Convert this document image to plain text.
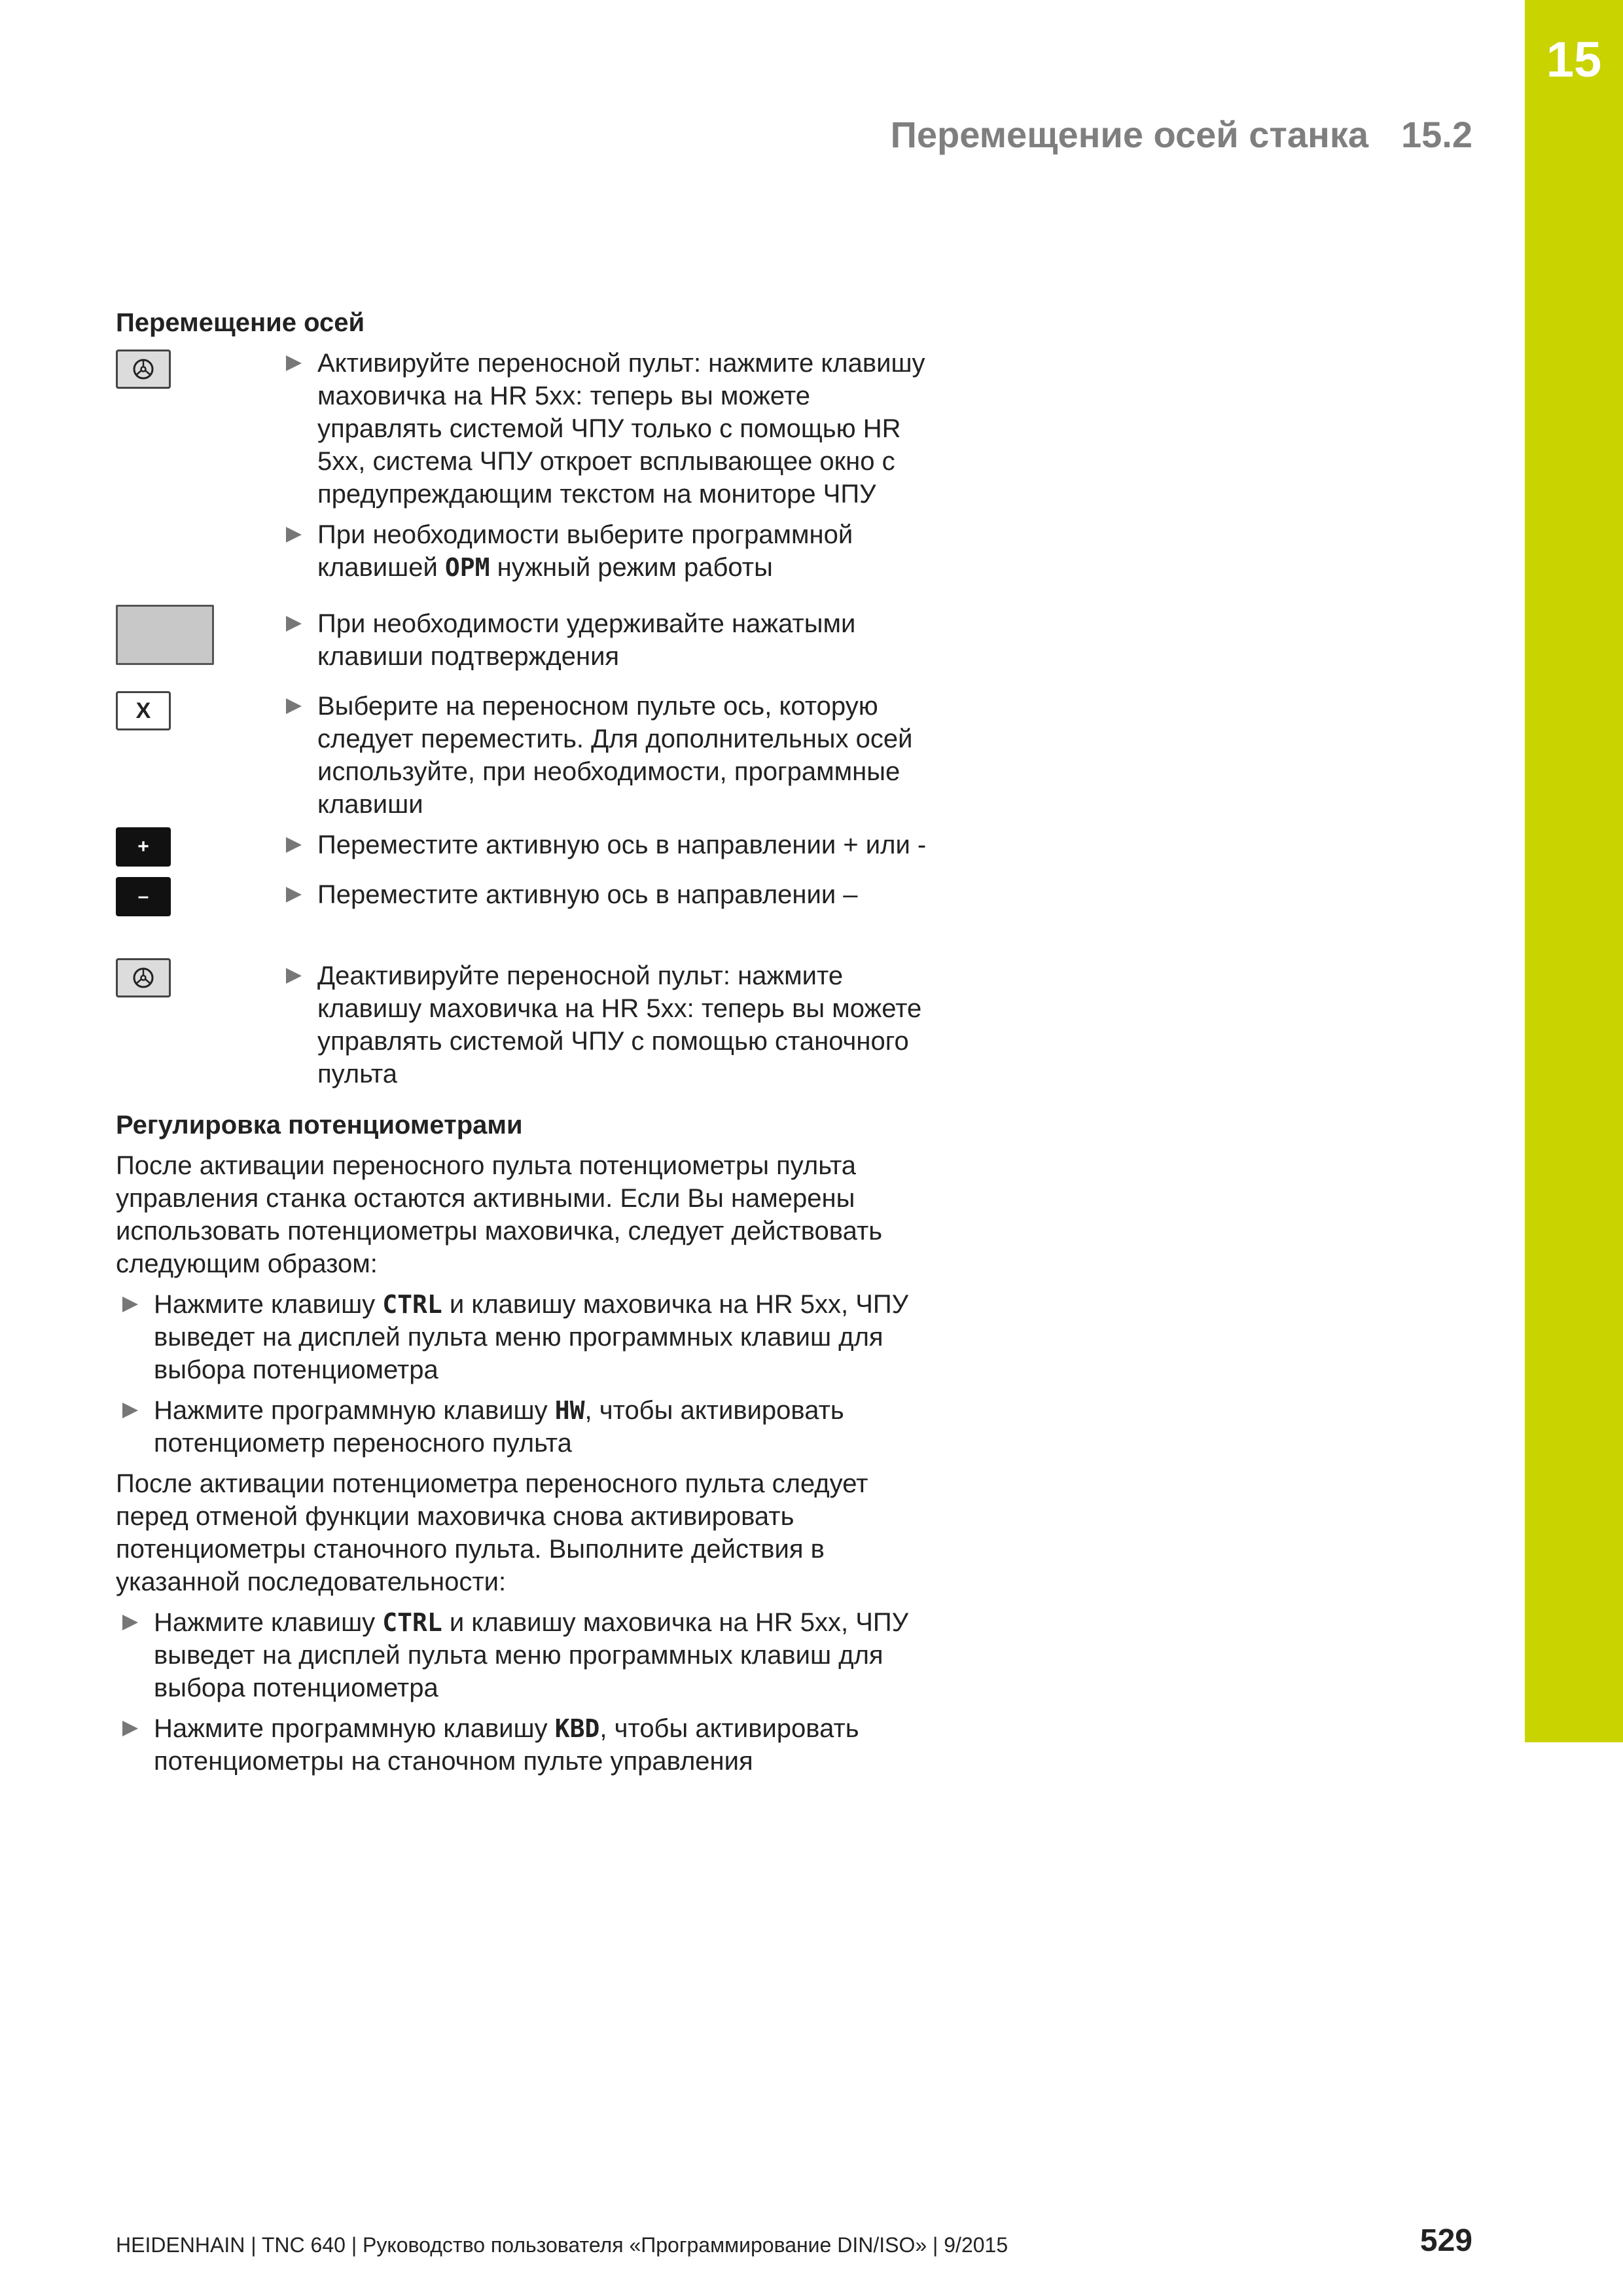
15
Перемещение осей станка 15.2
Перемещение осей
Активируйте переносной пульт: нажмите клавишу маховичка на HR 5xx: теперь вы можете управлять системой ЧПУ только с помощью HR 5xx, система ЧПУ откроет всплывающее окно с предупреждающим текстом на мониторе ЧПУ
При необходимости выберите программной клавишей OPM нужный режим работы
При необходимости удерживайте нажатыми клавиши подтверждения
X	Выберите на переносном пульте ось, которую следует переместить. Для дополнительных осей используйте, при необходимости, программные клавиши
+	Переместите активную ось в направлении + или -
–	Переместите активную ось в направлении –
Деактивируйте переносной пульт: нажмите клавишу маховичка на HR 5xx: теперь вы можете управлять системой ЧПУ с помощью станочного пульта
Регулировка потенциометрами

После активации переносного пульта потенциометры пульта управления станка остаются активными. Если Вы намерены использовать потенциометры маховичка, следует действовать следующим образом:

Нажмите клавишу CTRL и клавишу маховичка на HR 5xx, ЧПУ выведет на дисплей пульта меню программных клавиш для выбора потенциометра
Нажмите программную клавишу HW, чтобы активировать потенциометр переносного пульта

После активации потенциометра переносного пульта следует перед отменой функции маховичка снова активировать потенциометры станочного пульта. Выполните действия в указанной последовательности:

Нажмите клавишу CTRL и клавишу маховичка на HR 5xx, ЧПУ выведет на дисплей пульта меню программных клавиш для выбора потенциометра
Нажмите программную клавишу KBD, чтобы активировать потенциометры на станочном пульте управления
HEIDENHAIN | TNC 640 | Руководство пользователя «Программирование DIN/ISO» | 9/2015	529
